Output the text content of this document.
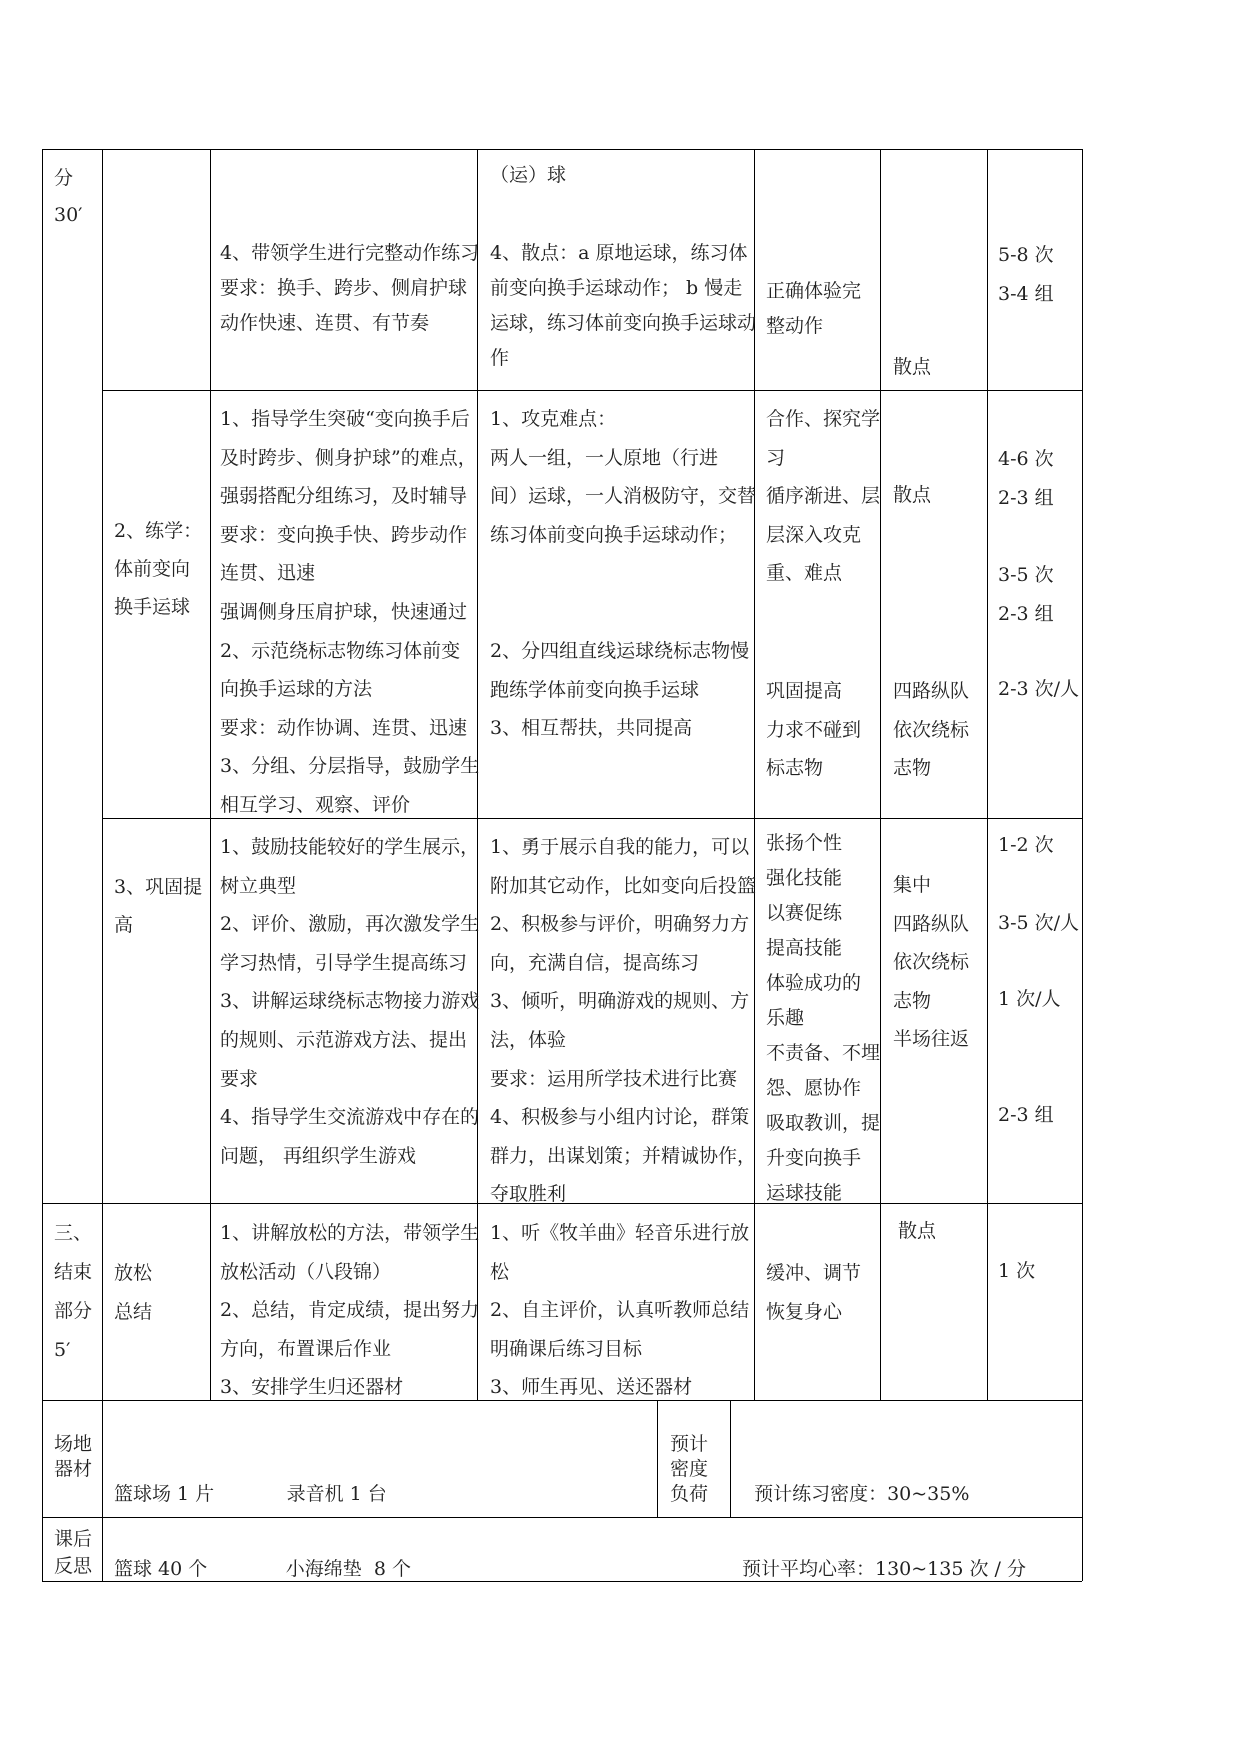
分
30′
4、带领学生进行完整动作练习
要求：换手、跨步、侧肩护球
动作快速、连贯、有节奏
（运）球
4、散点：a 原地运球，练习体
前变向换手运球动作； b 慢走
运球，练习体前变向换手运球动
作
正确体验完
整动作
散点
5-8 次
3-4 组
2、练学：
体前变向
换手运球
1、指导学生突破“变向换手后
及时跨步、侧身护球”的难点，
强弱搭配分组练习，及时辅导
要求：变向换手快、跨步动作
连贯、迅速
强调侧身压肩护球，快速通过
2、示范绕标志物练习体前变
向换手运球的方法
要求：动作协调、连贯、迅速
3、分组、分层指导，鼓励学生
相互学习、观察、评价
1、攻克难点：
两人一组，一人原地（行进
间）运球，一人消极防守，交替
练习体前变向换手运球动作；
2、分四组直线运球绕标志物慢
跑练学体前变向换手运球
3、相互帮扶，共同提高
合作、探究学
习
循序渐进、层
层深入攻克
重、难点
巩固提高
力求不碰到
标志物
散点
四路纵队
依次绕标
志物
4-6 次
2-3 组
3-5 次
2-3 组
2-3 次/人
3、巩固提
高
1、鼓励技能较好的学生展示，
树立典型
2、评价、激励，再次激发学生
学习热情，引导学生提高练习
3、讲解运球绕标志物接力游戏
的规则、示范游戏方法、提出
要求
4、指导学生交流游戏中存在的
问题， 再组织学生游戏
1、勇于展示自我的能力，可以
附加其它动作，比如变向后投篮
2、积极参与评价，明确努力方
向，充满自信，提高练习
3、倾听，明确游戏的规则、方
法，体验
要求：运用所学技术进行比赛
4、积极参与小组内讨论，群策
群力，出谋划策；并精诚协作，
夺取胜利
张扬个性
强化技能
以赛促练
提高技能
体验成功的
乐趣
不责备、不埋
怨、愿协作
吸取教训，提
升变向换手
运球技能
集中
四路纵队
依次绕标
志物
半场往返
1-2 次
3-5 次/人
1 次/人
2-3 组
三、
结束
部分
5′
放松
总结
1、讲解放松的方法，带领学生
放松活动（八段锦）
2、总结，肯定成绩，提出努力
方向，布置课后作业
3、安排学生归还器材
1、听《牧羊曲》轻音乐进行放
松
2、自主评价，认真听教师总结
明确课后练习目标
3、师生再见、送还器材
缓冲、调节
恢复身心
散点
1 次
场地
器材

篮球场 1 片            录音机 1 台

篮球 40 个             小海绵垫  8 个

预计
密度
负荷

预计练习密度：30~35%

预计平均心率：130~135 次 / 分

课后
反思
